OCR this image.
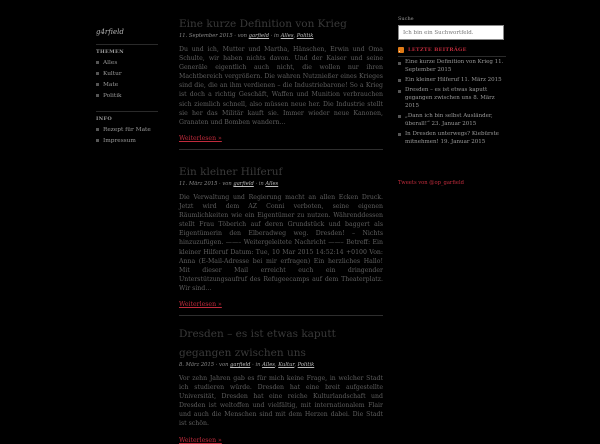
g4rfield
THEMEN
Alles
Kultur
Mate
Politik
INFO
Rezept für Mate
Impressum
Eine kurze Definition von Krieg
11. September 2015 · von garfield · in Alles, Politik

Du und ich, Mutter und Martha, Hänschen, Erwin und Oma Schulte, wir haben nichts davon. Und der Kaiser und seine Generäle eigentlich auch nicht, die wollen nur ihren Machtbereich vergrößern. Die wahren Nutznießer eines Krieges sind die, die an ihm verdienen – die Industriebarone! So a Krieg ist doch a richtig Geschäft, Waffen und Munition verbrauchen sich ziemlich schnell, also müssen neue her. Die Industrie stellt sie her das Militär kauft sie. Immer wieder neue Kanonen, Granaten und Bomben wandern…

Weiterlesen »
Ein kleiner Hilferuf
11. März 2015 · von garfield · in Alles

Die Verwaltung und Regierung macht an allen Ecken Druck. Jetzt wird dem AZ Conni verboten, seine eigenen Räumlichkeiten wie ein Eigentümer zu nutzen. Währenddessen stellt Frau Töberich auf deren Grundstück und baggert als Eigentümerin den Elberadweg weg. Dresden! – Nichts hinzuzufügen. ——– Weitergeleitete Nachricht ——– Betreff: Ein kleiner Hilferuf Datum: Tue, 10 Mar 2015 14:52:14 +0100 Von: Anna (E-Mail-Adresse bei mir erfragen) Ein herzliches Hallo! Mit dieser Mail erreicht euch ein dringender Unterstützungsaufruf des Refugeecamps auf dem Theaterplatz. Wir sind…

Weiterlesen »
Dresden – es ist etwas kaputt gegangen zwischen uns
8. März 2015 · von garfield · in Alles, Kultur, Politik

Vor zehn Jahren gab es für mich keine Frage, in welcher Stadt ich studieren würde. Dresden hat eine breit aufgestellte Universität, Dresden hat eine reiche Kulturlandschaft und Dresden ist weltoffen und vielfältig, mit internationalem Flair und auch die Menschen sind mit dem Herzen dabei. Die Stadt ist schön.

Weiterlesen »
Suche
Ich bin ein Suchwortfeld.
LETZTE BEITRÄGE
Eine kurze Definition von Krieg 11. September 2015
Ein kleiner Hilferuf 11. März 2015
Dresden – es ist etwas kaputt gegangen zwischen uns 8. März 2015
„Dann ich bin selbst Ausländer, überall!“ 23. Januar 2015
In Dresden unterwegs? Kiebürste mitnehmen! 19. Januar 2015
Tweets von @op_garfield
